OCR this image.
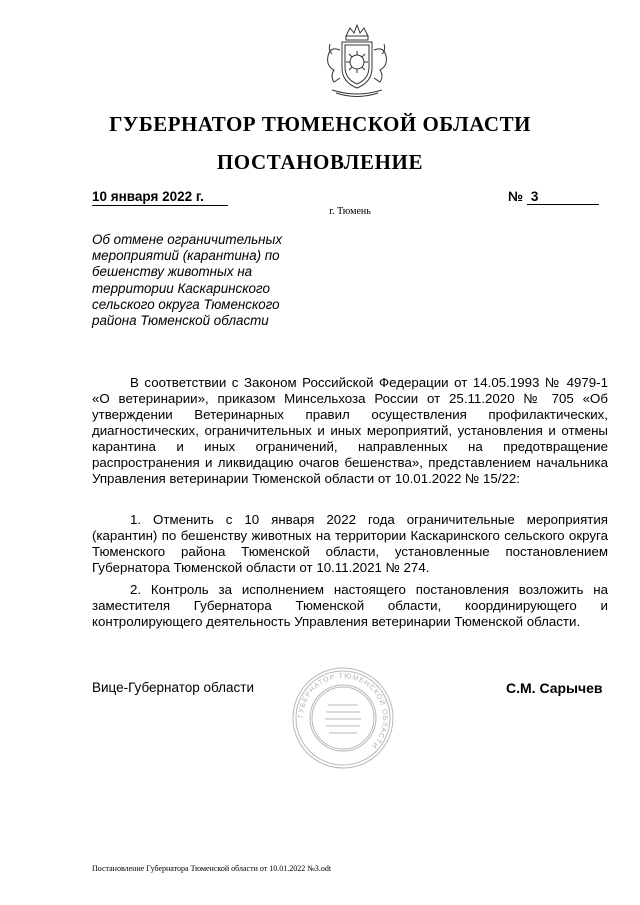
ГУБЕРНАТОР ТЮМЕНСКОЙ ОБЛАСТИ
ПОСТАНОВЛЕНИЕ
10 января 2022 г.	№ 3
г. Тюмень
Об отмене ограничительных мероприятий (карантина) по бешенству животных на территории Каскаринского сельского округа Тюменского района Тюменской области
В соответствии с Законом Российской Федерации от 14.05.1993 № 4979-1 «О ветеринарии», приказом Минсельхоза России от 25.11.2020 № 705 «Об утверждении Ветеринарных правил осуществления профилактических, диагностических, ограничительных и иных мероприятий, установления и отмены карантина и иных ограничений, направленных на предотвращение распространения и ликвидацию очагов бешенства», представлением начальника Управления ветеринарии Тюменской области от 10.01.2022 № 15/22:
1. Отменить с 10 января 2022 года ограничительные мероприятия (карантин) по бешенству животных на территории Каскаринского сельского округа Тюменского района Тюменской области, установленные постановлением Губернатора Тюменской области от 10.11.2021 № 274.
2. Контроль за исполнением настоящего постановления возложить на заместителя Губернатора Тюменской области, координирующего и контролирующего деятельность Управления ветеринарии Тюменской области.
ГУБЕРНАТОР ТЮМЕНСКОЙ ОБЛАСТИ
Вице-Губернатор области	С.М. Сарычев
Постановление Губернатора Тюменской области от 10.01.2022 №3.odt
